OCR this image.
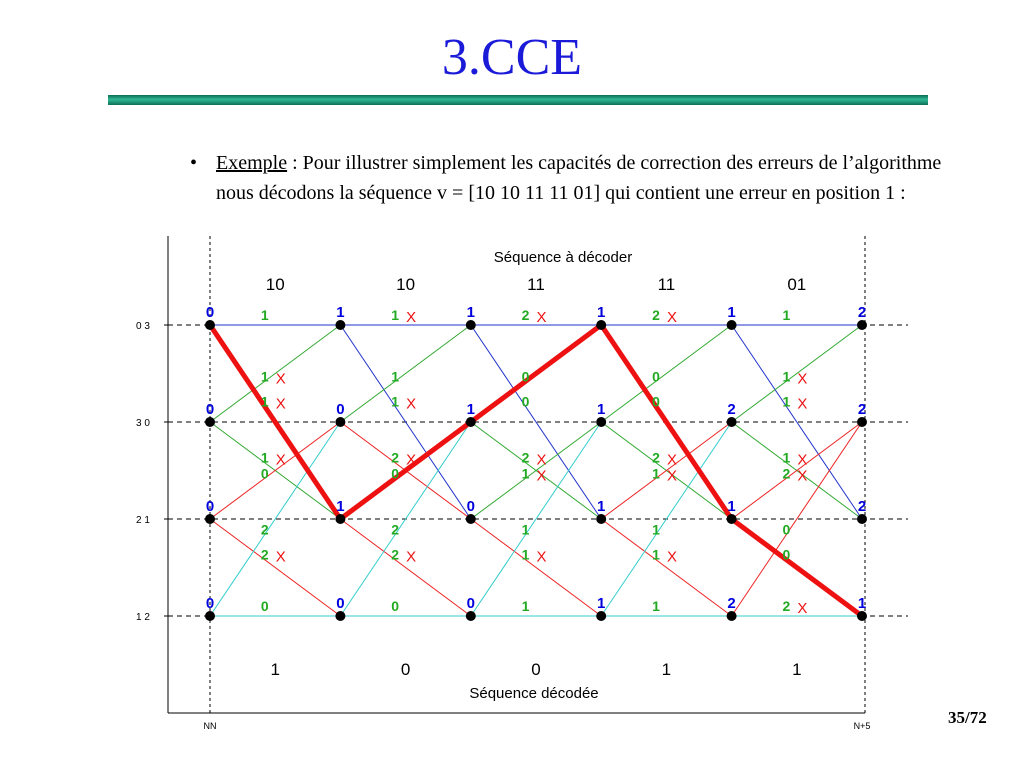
3.CCE
• Exemple : Pour illustrer simplement les capacités de correction des erreurs de l’algorithme nous décodons la séquence v = [10 10 11 11 01] qui contient une erreur en position 1 :
0 3
3 0
2 1
1 2
NN	N+5
Séquence à décoder
10	10	11	11	01
1
1 X
1 X
1 X
0
2 X
2
0
1 X
1 X
1
2 X
0
2 X
2
0
2 X
0
0
2 X
1 X
1 X
1
1
2 X
0
0
2 X
1 X
1 X
1
1
1
1 X
1 X
1 X
2 X
0
0
2 X
0
0
0
0
1
0
1
0
1
1
0
0
1
1
1
1
1
2
1
2
2
2
2
1
1	0	0	1	1
Séquence décodée
35/72
